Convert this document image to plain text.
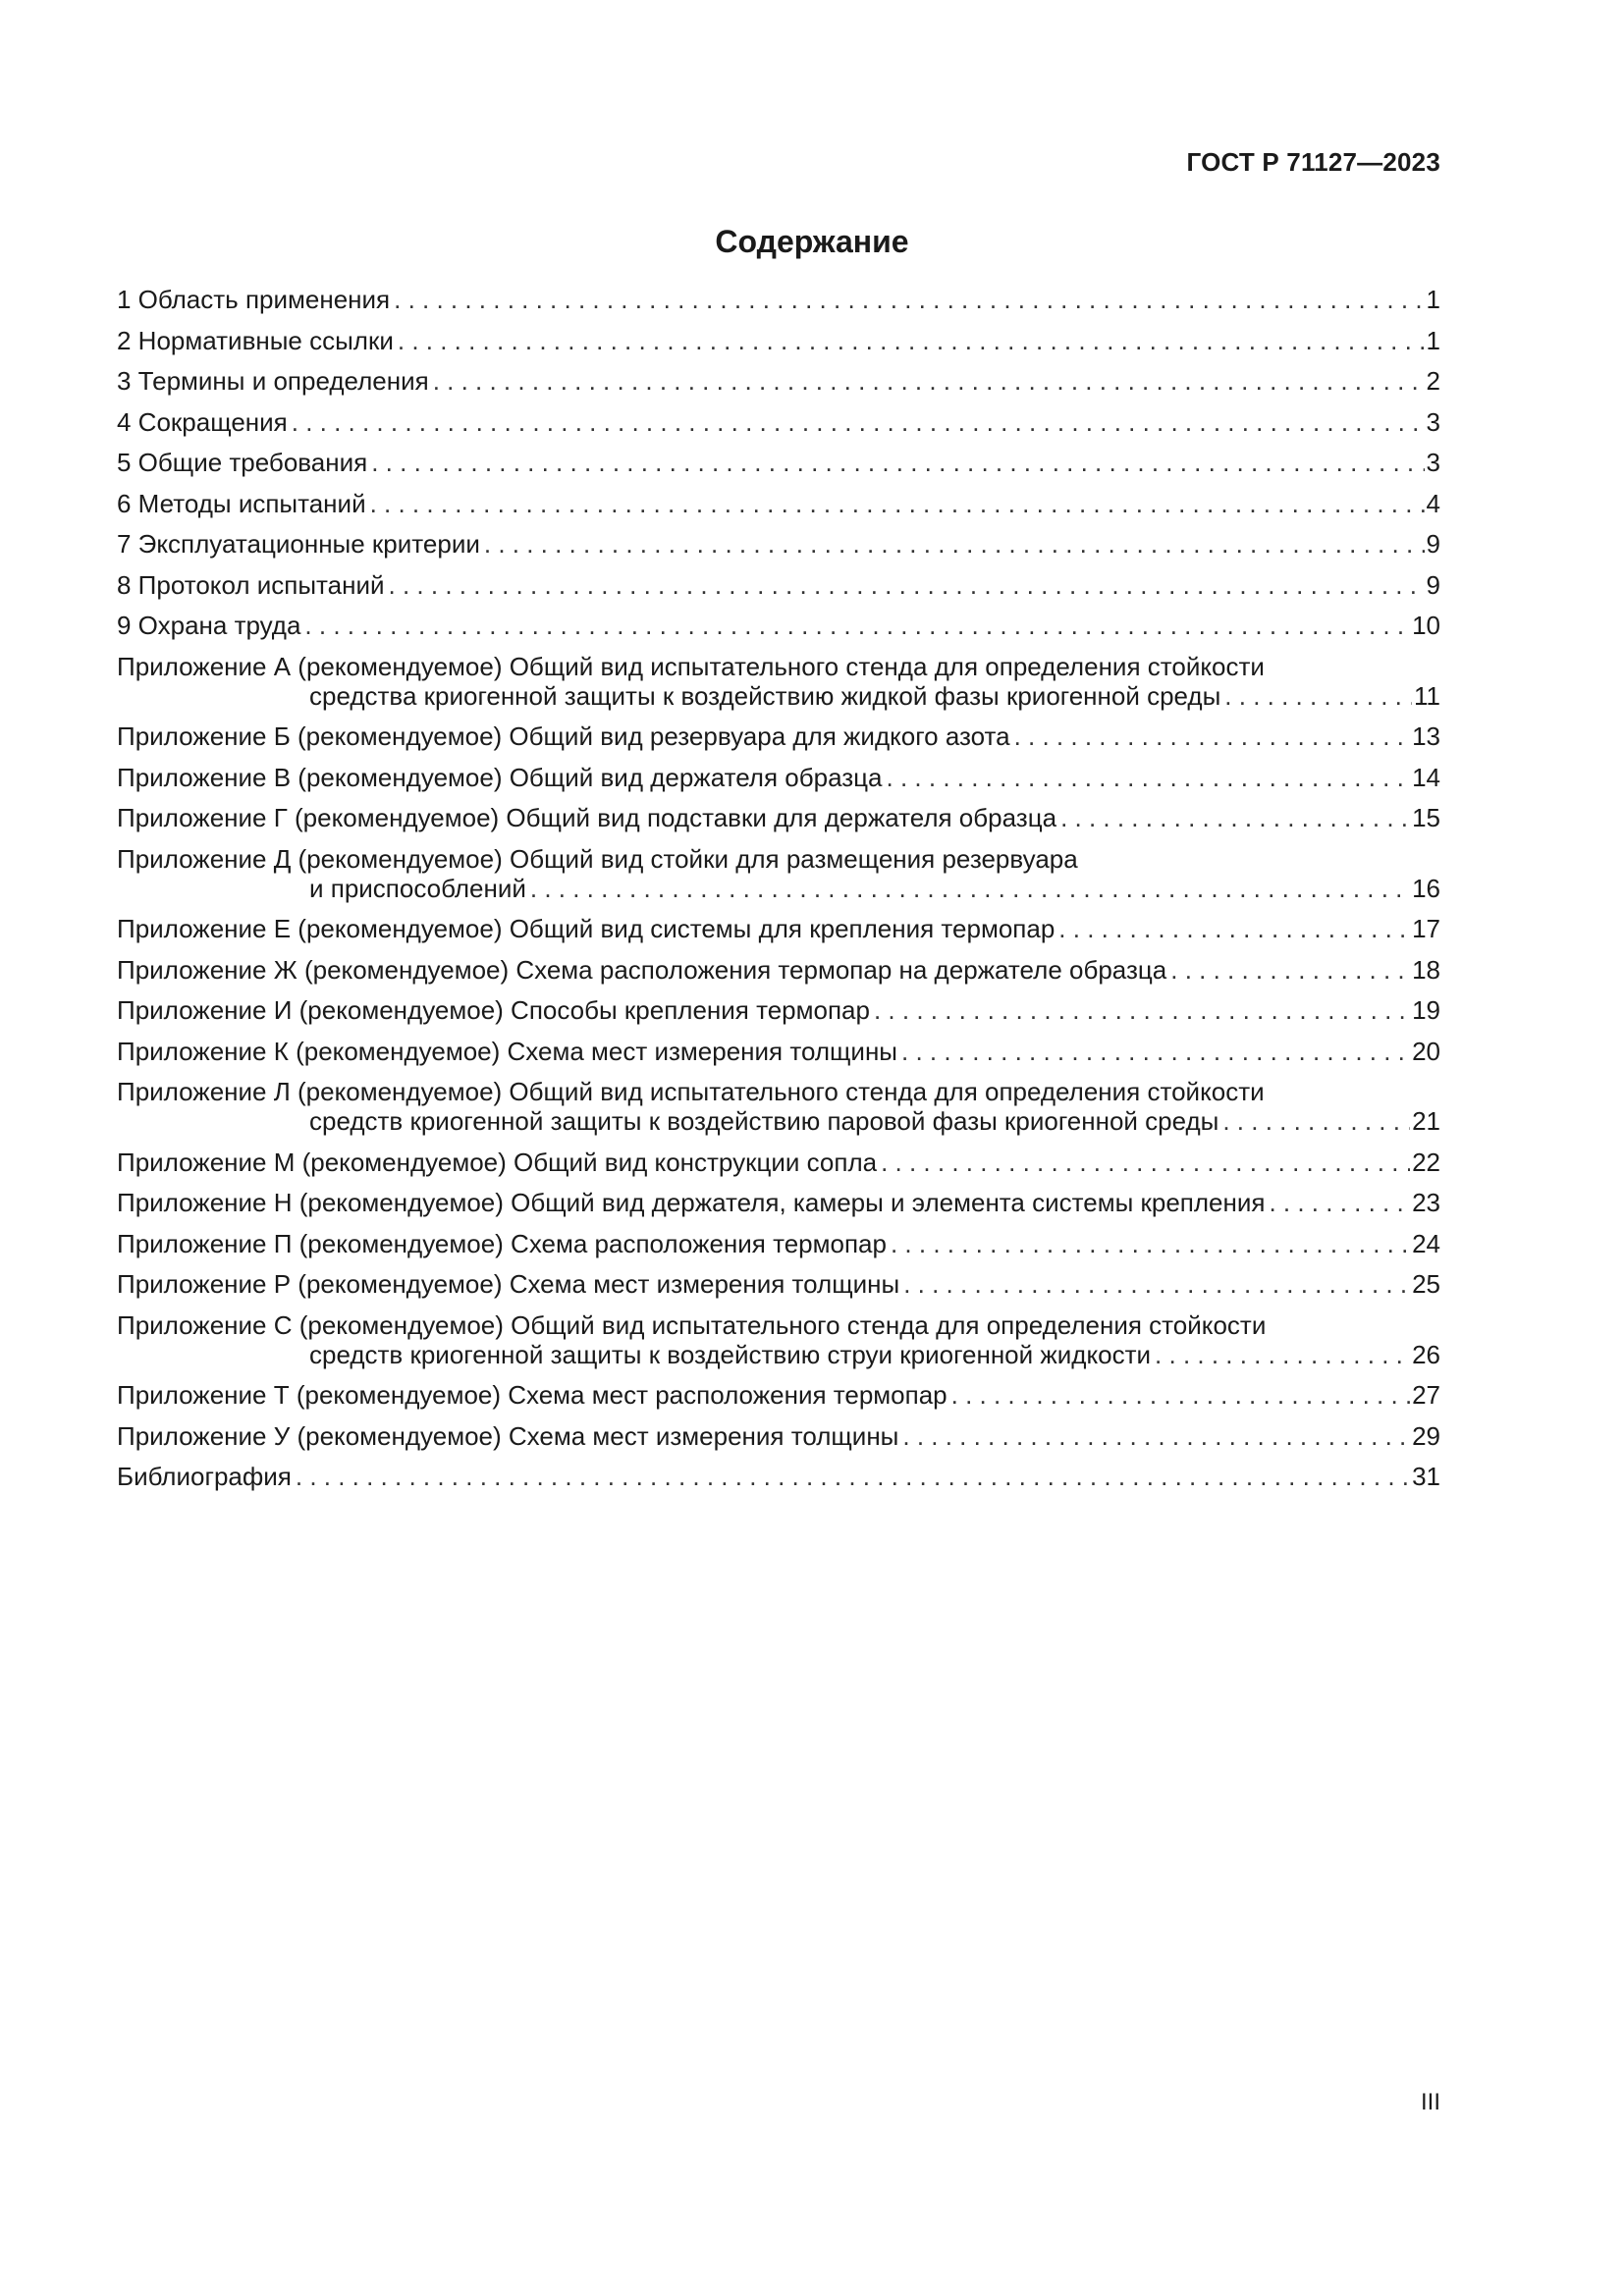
ГОСТ Р 71127—2023
Содержание
1 Область применения . . .	1
2 Нормативные ссылки . . .	1
3 Термины и определения . . .	2
4 Сокращения . . .	3
5 Общие требования . . .	3
6 Методы испытаний . . .	4
7 Эксплуатационные критерии . . .	9
8 Протокол испытаний . . .	9
9 Охрана труда . . .	10
Приложение А (рекомендуемое) Общий вид испытательного стенда для определения стойкости
средства криогенной защиты к воздействию жидкой фазы криогенной среды . . .	11
Приложение Б (рекомендуемое) Общий вид резервуара для жидкого азота . . .	13
Приложение В (рекомендуемое) Общий вид держателя образца . . .	14
Приложение Г (рекомендуемое) Общий вид подставки для держателя образца . . .	15
Приложение Д (рекомендуемое) Общий вид стойки для размещения резервуара
и приспособлений . . .	16
Приложение Е (рекомендуемое) Общий вид системы для крепления термопар . . .	17
Приложение Ж (рекомендуемое) Схема расположения термопар на держателе образца . . .	18
Приложение И (рекомендуемое) Способы крепления термопар . . .	19
Приложение К (рекомендуемое) Схема мест измерения толщины . . .	20
Приложение Л (рекомендуемое) Общий вид испытательного стенда для определения стойкости
средств криогенной защиты к воздействию паровой фазы криогенной среды . . .	21
Приложение М (рекомендуемое) Общий вид конструкции сопла . . .	22
Приложение Н (рекомендуемое) Общий вид держателя, камеры и элемента системы крепления . . .	23
Приложение П (рекомендуемое) Схема расположения термопар . . .	24
Приложение Р (рекомендуемое) Схема мест измерения толщины . . .	25
Приложение С (рекомендуемое) Общий вид испытательного стенда для определения стойкости
средств криогенной защиты к воздействию струи криогенной жидкости . . .	26
Приложение Т (рекомендуемое) Схема мест расположения термопар . . .	27
Приложение У (рекомендуемое) Схема мест измерения толщины . . .	29
Библиография . . .	31
III
